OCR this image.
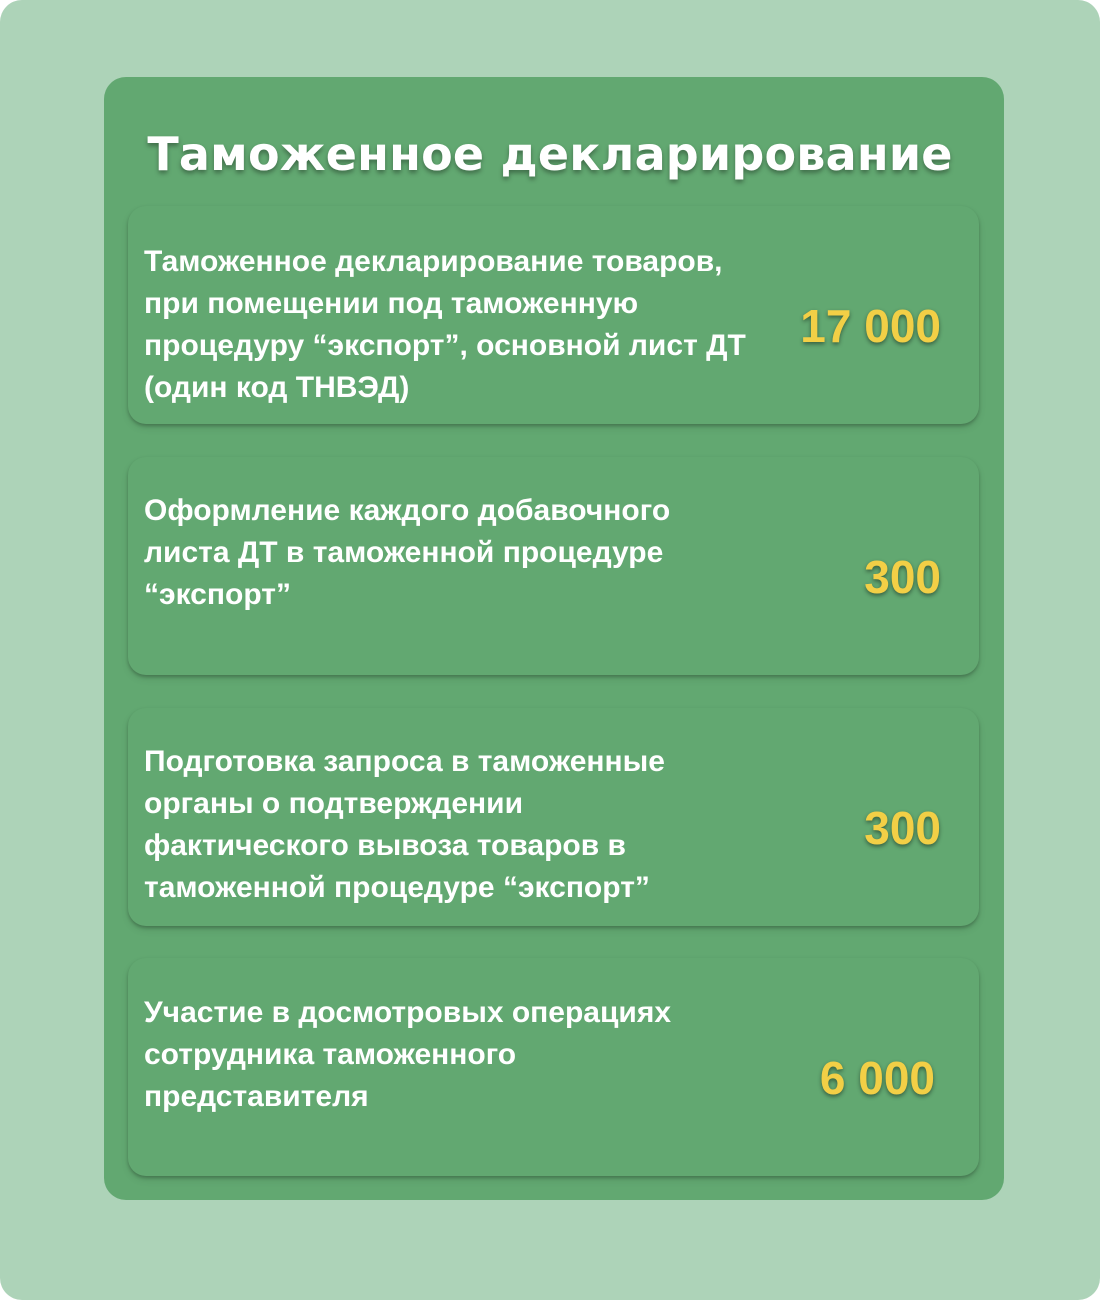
Таможенное декларирование
Таможенное декларирование товаров,
при помещении под таможенную
процедуру “экспорт”, основной лист ДТ
(один код ТНВЭД)
17 000
Оформление каждого добавочного
листа ДТ в таможенной процедуре
“экспорт”	300
Подготовка запроса в таможенные
органы о подтверждении
фактического вывоза товаров в
таможенной процедуре “экспорт”
300
Участие в досмотровых операциях
сотрудника таможенного
представителя	6 000
